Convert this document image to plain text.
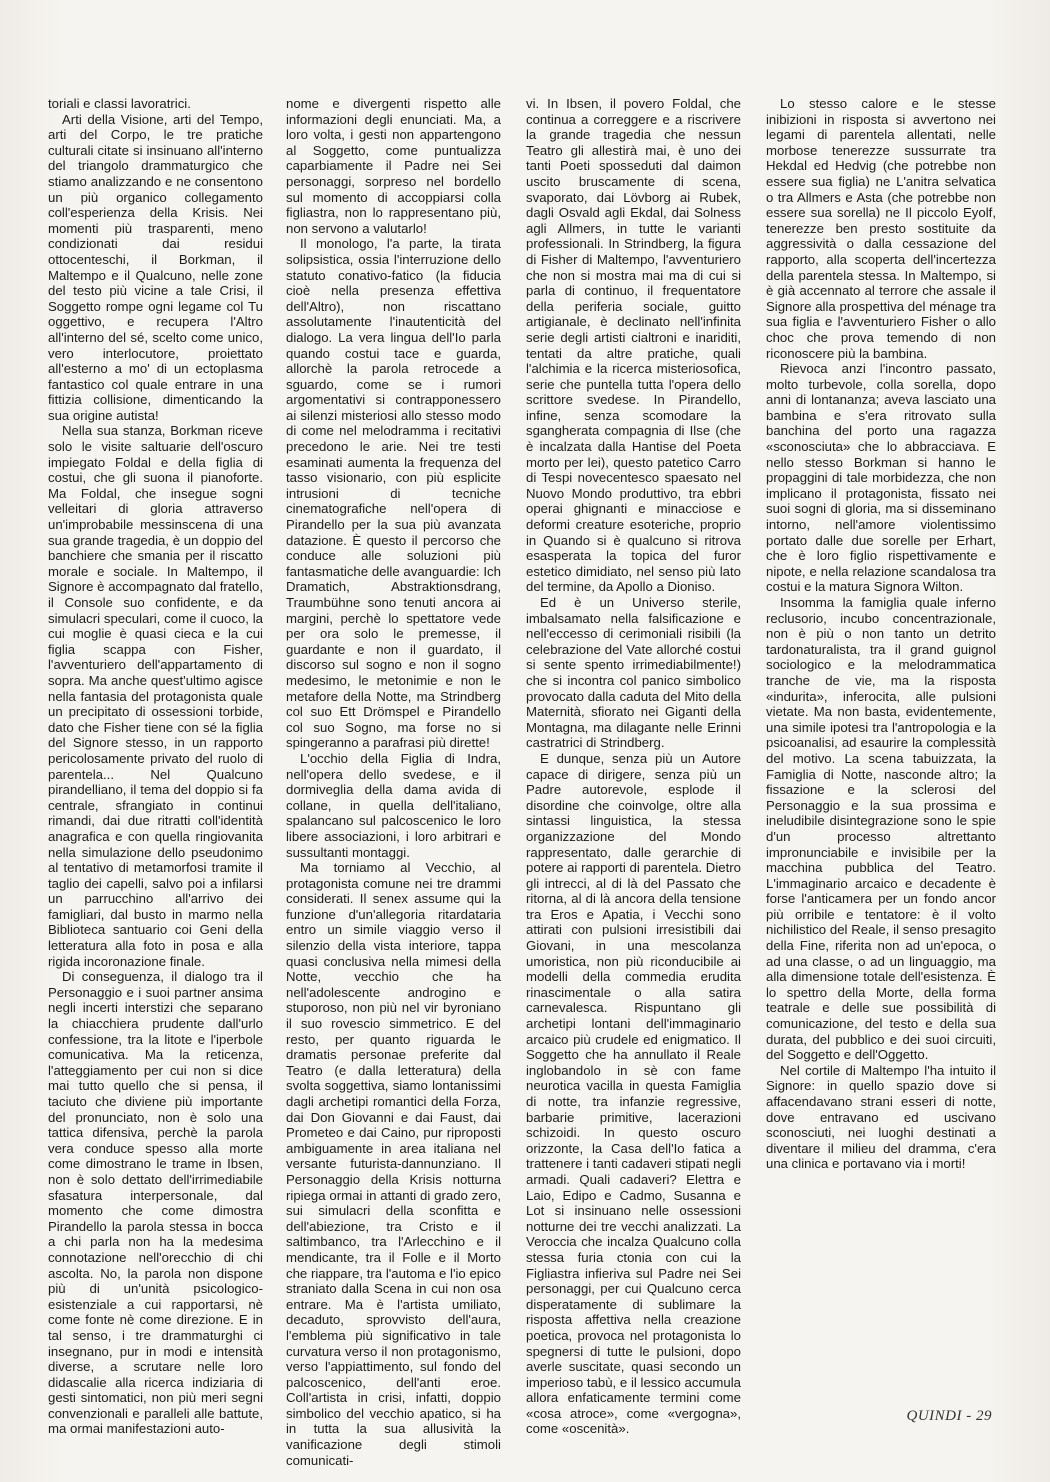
toriali e classi lavoratrici.

Arti della Visione, arti del Tempo, arti del Corpo, le tre pratiche culturali citate si insinuano all'interno del triangolo drammaturgico che stiamo analizzando e ne consentono un più organico collegamento coll'esperienza della Krisis. Nei momenti più trasparenti, meno condizionati dai residui ottocenteschi, il Borkman, il Maltempo e il Qualcuno, nelle zone del testo più vicine a tale Crisi, il Soggetto rompe ogni legame col Tu oggettivo, e recupera l'Altro all'interno del sé, scelto come unico, vero interlocutore, proiettato all'esterno a mo' di un ectoplasma fantastico col quale entrare in una fittizia collisione, dimenticando la sua origine autista!

Nella sua stanza, Borkman riceve solo le visite saltuarie dell'oscuro impiegato Foldal e della figlia di costui, che gli suona il pianoforte. Ma Foldal, che insegue sogni velleitari di gloria attraverso un'improbabile messinscena di una sua grande tragedia, è un doppio del banchiere che smania per il riscatto morale e sociale. In Maltempo, il Signore è accompagnato dal fratello, il Console suo confidente, e da simulacri speculari, come il cuoco, la cui moglie è quasi cieca e la cui figlia scappa con Fisher, l'avventuriero dell'appartamento di sopra. Ma anche quest'ultimo agisce nella fantasia del protagonista quale un precipitato di ossessioni torbide, dato che Fisher tiene con sé la figlia del Signore stesso, in un rapporto pericolosamente privato del ruolo di parentela... Nel Qualcuno pirandelliano, il tema del doppio si fa centrale, sfrangiato in continui rimandi, dai due ritratti coll'identità anagrafica e con quella ringiovanita nella simulazione dello pseudonimo al tentativo di metamorfosi tramite il taglio dei capelli, salvo poi a infilarsi un parrucchino all'arrivo dei famigliari, dal busto in marmo nella Biblioteca santuario coi Geni della letteratura alla foto in posa e alla rigida incoronazione finale.

Di conseguenza, il dialogo tra il Personaggio e i suoi partner ansima negli incerti interstizi che separano la chiacchiera prudente dall'urlo confessione, tra la litote e l'iperbole comunicativa. Ma la reticenza, l'atteggiamento per cui non si dice mai tutto quello che si pensa, il taciuto che diviene più importante del pronunciato, non è solo una tattica difensiva, perchè la parola vera conduce spesso alla morte come dimostrano le trame in Ibsen, non è solo dettato dell'irrimediabile sfasatura interpersonale, dal momento che come dimostra Pirandello la parola stessa in bocca a chi parla non ha la medesima connotazione nell'orecchio di chi ascolta. No, la parola non dispone più di un'unità psicologico-esistenziale a cui rapportarsi, nè come fonte nè come direzione. E in tal senso, i tre drammaturghi ci insegnano, pur in modi e intensità diverse, a scrutare nelle loro didascalie alla ricerca indiziaria di gesti sintomatici, non più meri segni convenzionali e paralleli alle battute, ma ormai manifestazioni auto-

nome e divergenti rispetto alle informazioni degli enunciati. Ma, a loro volta, i gesti non appartengono al Soggetto, come puntualizza caparbiamente il Padre nei Sei personaggi, sorpreso nel bordello sul momento di accoppiarsi colla figliastra, non lo rappresentano più, non servono a valutarlo!

Il monologo, l'a parte, la tirata solipsistica, ossia l'interruzione dello statuto conativo-fatico (la fiducia cioè nella presenza effettiva dell'Altro), non riscattano assolutamente l'inautenticità del dialogo. La vera lingua dell'Io parla quando costui tace e guarda, allorchè la parola retrocede a sguardo, come se i rumori argomentativi si contrapponessero ai silenzi misteriosi allo stesso modo di come nel melodramma i recitativi precedono le arie. Nei tre testi esaminati aumenta la frequenza del tasso visionario, con più esplicite intrusioni di tecniche cinematografiche nell'opera di Pirandello per la sua più avanzata datazione. È questo il percorso che conduce alle soluzioni più fantasmatiche delle avanguardie: Ich Dramatich, Abstraktionsdrang, Traumbühne sono tenuti ancora ai margini, perchè lo spettatore vede per ora solo le premesse, il guardante e non il guardato, il discorso sul sogno e non il sogno medesimo, le metonimie e non le metafore della Notte, ma Strindberg col suo Ett Drömspel e Pirandello col suo Sogno, ma forse no si spingeranno a parafrasi più dirette!

L'occhio della Figlia di Indra, nell'opera dello svedese, e il dormiveglia della dama avida di collane, in quella dell'italiano, spalancano sul palcoscenico le loro libere associazioni, i loro arbitrari e sussultanti montaggi.

Ma torniamo al Vecchio, al protagonista comune nei tre drammi considerati. Il senex assume qui la funzione d'un'allegoria ritardataria entro un simile viaggio verso il silenzio della vista interiore, tappa quasi conclusiva nella mimesi della Notte, vecchio che ha nell'adolescente androgino e stuporoso, non più nel vir byroniano il suo rovescio simmetrico. E del resto, per quanto riguarda le dramatis personae preferite dal Teatro (e dalla letteratura) della svolta soggettiva, siamo lontanissimi dagli archetipi romantici della Forza, dai Don Giovanni e dai Faust, dai Prometeo e dai Caino, pur riproposti ambiguamente in area italiana nel versante futurista-dannunziano. Il Personaggio della Krisis notturna ripiega ormai in attanti di grado zero, sui simulacri della sconfitta e dell'abiezione, tra Cristo e il saltimbanco, tra l'Arlecchino e il mendicante, tra il Folle e il Morto che riappare, tra l'automa e l'io epico straniato dalla Scena in cui non osa entrare. Ma è l'artista umiliato, decaduto, sprovvisto dell'aura, l'emblema più significativo in tale curvatura verso il non protagonismo, verso l'appiattimento, sul fondo del palcoscenico, dell'anti eroe. Coll'artista in crisi, infatti, doppio simbolico del vecchio apatico, si ha in tutta la sua allusività la vanificazione degli stimoli comunicati-

vi. In Ibsen, il povero Foldal, che continua a correggere e a riscrivere la grande tragedia che nessun Teatro gli allestirà mai, è uno dei tanti Poeti sposseduti dal daimon uscito bruscamente di scena, svaporato, dai Lövborg ai Rubek, dagli Osvald agli Ekdal, dai Solness agli Allmers, in tutte le varianti professionali. In Strindberg, la figura di Fisher di Maltempo, l'avventuriero che non si mostra mai ma di cui si parla di continuo, il frequentatore della periferia sociale, guitto artigianale, è declinato nell'infinita serie degli artisti cialtroni e inariditi, tentati da altre pratiche, quali l'alchimia e la ricerca misteriosofica, serie che puntella tutta l'opera dello scrittore svedese. In Pirandello, infine, senza scomodare la sgangherata compagnia di Ilse (che è incalzata dalla Hantise del Poeta morto per lei), questo patetico Carro di Tespi novecentesco spaesato nel Nuovo Mondo produttivo, tra ebbri operai ghignanti e minacciose e deformi creature esoteriche, proprio in Quando si è qualcuno si ritrova esasperata la topica del furor estetico dimidiato, nel senso più lato del termine, da Apollo a Dioniso.

Ed è un Universo sterile, imbalsamato nella falsificazione e nell'eccesso di cerimoniali risibili (la celebrazione del Vate allorché costui si sente spento irrimediabilmente!) che si incontra col panico simbolico provocato dalla caduta del Mito della Maternità, sfiorato nei Giganti della Montagna, ma dilagante nelle Erinni castratrici di Strindberg.

E dunque, senza più un Autore capace di dirigere, senza più un Padre autorevole, esplode il disordine che coinvolge, oltre alla sintassi linguistica, la stessa organizzazione del Mondo rappresentato, dalle gerarchie di potere ai rapporti di parentela. Dietro gli intrecci, al di là del Passato che ritorna, al di là ancora della tensione tra Eros e Apatia, i Vecchi sono attirati con pulsioni irresistibili dai Giovani, in una mescolanza umoristica, non più riconducibile ai modelli della commedia erudita rinascimentale o alla satira carnevalesca. Rispuntano gli archetipi lontani dell'immaginario arcaico più crudele ed enigmatico. Il Soggetto che ha annullato il Reale inglobandolo in sè con fame neurotica vacilla in questa Famiglia di notte, tra infanzie regressive, barbarie primitive, lacerazioni schizoidi. In questo oscuro orizzonte, la Casa dell'Io fatica a trattenere i tanti cadaveri stipati negli armadi. Quali cadaveri? Elettra e Laio, Edipo e Cadmo, Susanna e Lot si insinuano nelle ossessioni notturne dei tre vecchi analizzati. La Veroccia che incalza Qualcuno colla stessa furia ctonia con cui la Figliastra infieriva sul Padre nei Sei personaggi, per cui Qualcuno cerca disperatamente di sublimare la risposta affettiva nella creazione poetica, provoca nel protagonista lo spegnersi di tutte le pulsioni, dopo averle suscitate, quasi secondo un imperioso tabù, e il lessico accumula allora enfaticamente termini come «cosa atroce», come «vergogna», come «oscenità».

Lo stesso calore e le stesse inibizioni in risposta si avvertono nei legami di parentela allentati, nelle morbose tenerezze sussurrate tra Hekdal ed Hedvig (che potrebbe non essere sua figlia) ne L'anitra selvatica o tra Allmers e Asta (che potrebbe non essere sua sorella) ne Il piccolo Eyolf, tenerezze ben presto sostituite da aggressività o dalla cessazione del rapporto, alla scoperta dell'incertezza della parentela stessa. In Maltempo, si è già accennato al terrore che assale il Signore alla prospettiva del ménage tra sua figlia e l'avventuriero Fisher o allo choc che prova temendo di non riconoscere più la bambina.

Rievoca anzi l'incontro passato, molto turbevole, colla sorella, dopo anni di lontananza; aveva lasciato una bambina e s'era ritrovato sulla banchina del porto una ragazza «sconosciuta» che lo abbracciava. E nello stesso Borkman si hanno le propaggini di tale morbidezza, che non implicano il protagonista, fissato nei suoi sogni di gloria, ma si disseminano intorno, nell'amore violentissimo portato dalle due sorelle per Erhart, che è loro figlio rispettivamente e nipote, e nella relazione scandalosa tra costui e la matura Signora Wilton.

Insomma la famiglia quale inferno reclusorio, incubo concentrazionale, non è più o non tanto un detrito tardonaturalista, tra il grand guignol sociologico e la melodrammatica tranche de vie, ma la risposta «indurita», inferocita, alle pulsioni vietate. Ma non basta, evidentemente, una simile ipotesi tra l'antropologia e la psicoanalisi, ad esaurire la complessità del motivo. La scena tabuizzata, la Famiglia di Notte, nasconde altro; la fissazione e la sclerosi del Personaggio e la sua prossima e ineludibile disintegrazione sono le spie d'un processo altrettanto impronunciabile e invisibile per la macchina pubblica del Teatro. L'immaginario arcaico e decadente è forse l'anticamera per un fondo ancor più orribile e tentatore: è il volto nichilistico del Reale, il senso presagito della Fine, riferita non ad un'epoca, o ad una classe, o ad un linguaggio, ma alla dimensione totale dell'esistenza. È lo spettro della Morte, della forma teatrale e delle sue possibilità di comunicazione, del testo e della sua durata, del pubblico e dei suoi circuiti, del Soggetto e dell'Oggetto.

Nel cortile di Maltempo l'ha intuito il Signore: in quello spazio dove si affacendavano strani esseri di notte, dove entravano ed uscivano sconosciuti, nei luoghi destinati a diventare il milieu del dramma, c'era una clinica e portavano via i morti!

QUINDI - 29
